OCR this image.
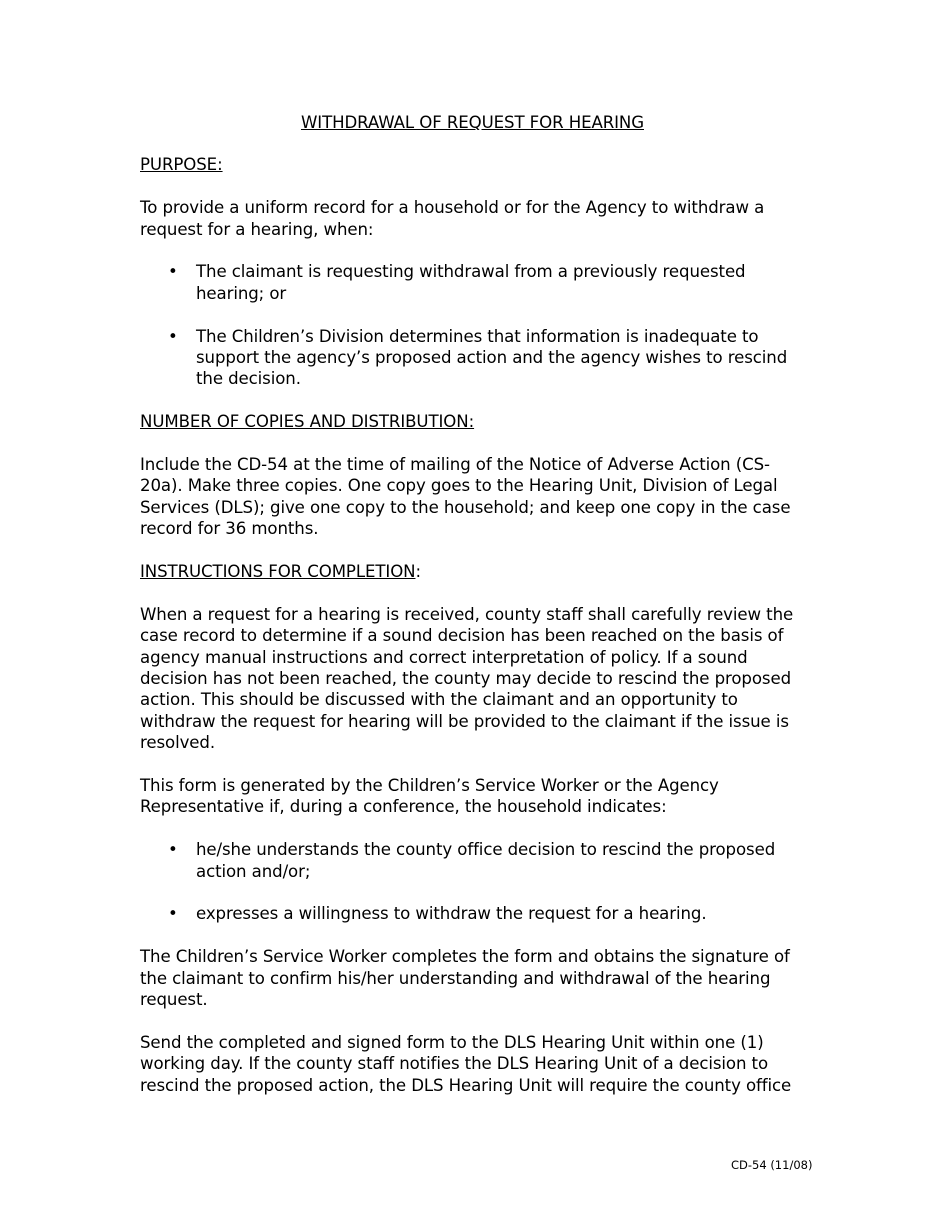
WITHDRAWAL OF REQUEST FOR HEARING
PURPOSE:

To provide a uniform record for a household or for the Agency to withdraw a request for a hearing, when:

• The claimant is requesting withdrawal from a previously requested hearing; or
• The Children’s Division determines that information is inadequate to support the agency’s proposed action and the agency wishes to rescind the decision.
NUMBER OF COPIES AND DISTRIBUTION:

Include the CD-54 at the time of mailing of the Notice of Adverse Action (CS-20a). Make three copies. One copy goes to the Hearing Unit, Division of Legal Services (DLS); give one copy to the household; and keep one copy in the case record for 36 months.

INSTRUCTIONS FOR COMPLETION:

When a request for a hearing is received, county staff shall carefully review the case record to determine if a sound decision has been reached on the basis of agency manual instructions and correct interpretation of policy. If a sound decision has not been reached, the county may decide to rescind the proposed action. This should be discussed with the claimant and an opportunity to withdraw the request for hearing will be provided to the claimant if the issue is resolved.

This form is generated by the Children’s Service Worker or the Agency Representative if, during a conference, the household indicates:

• he/she understands the county office decision to rescind the proposed action and/or;
• expresses a willingness to withdraw the request for a hearing.

The Children’s Service Worker completes the form and obtains the signature of the claimant to confirm his/her understanding and withdrawal of the hearing request.

Send the completed and signed form to the DLS Hearing Unit within one (1) working day. If the county staff notifies the DLS Hearing Unit of a decision to rescind the proposed action, the DLS Hearing Unit will require the county office

CD-54 (11/08)
